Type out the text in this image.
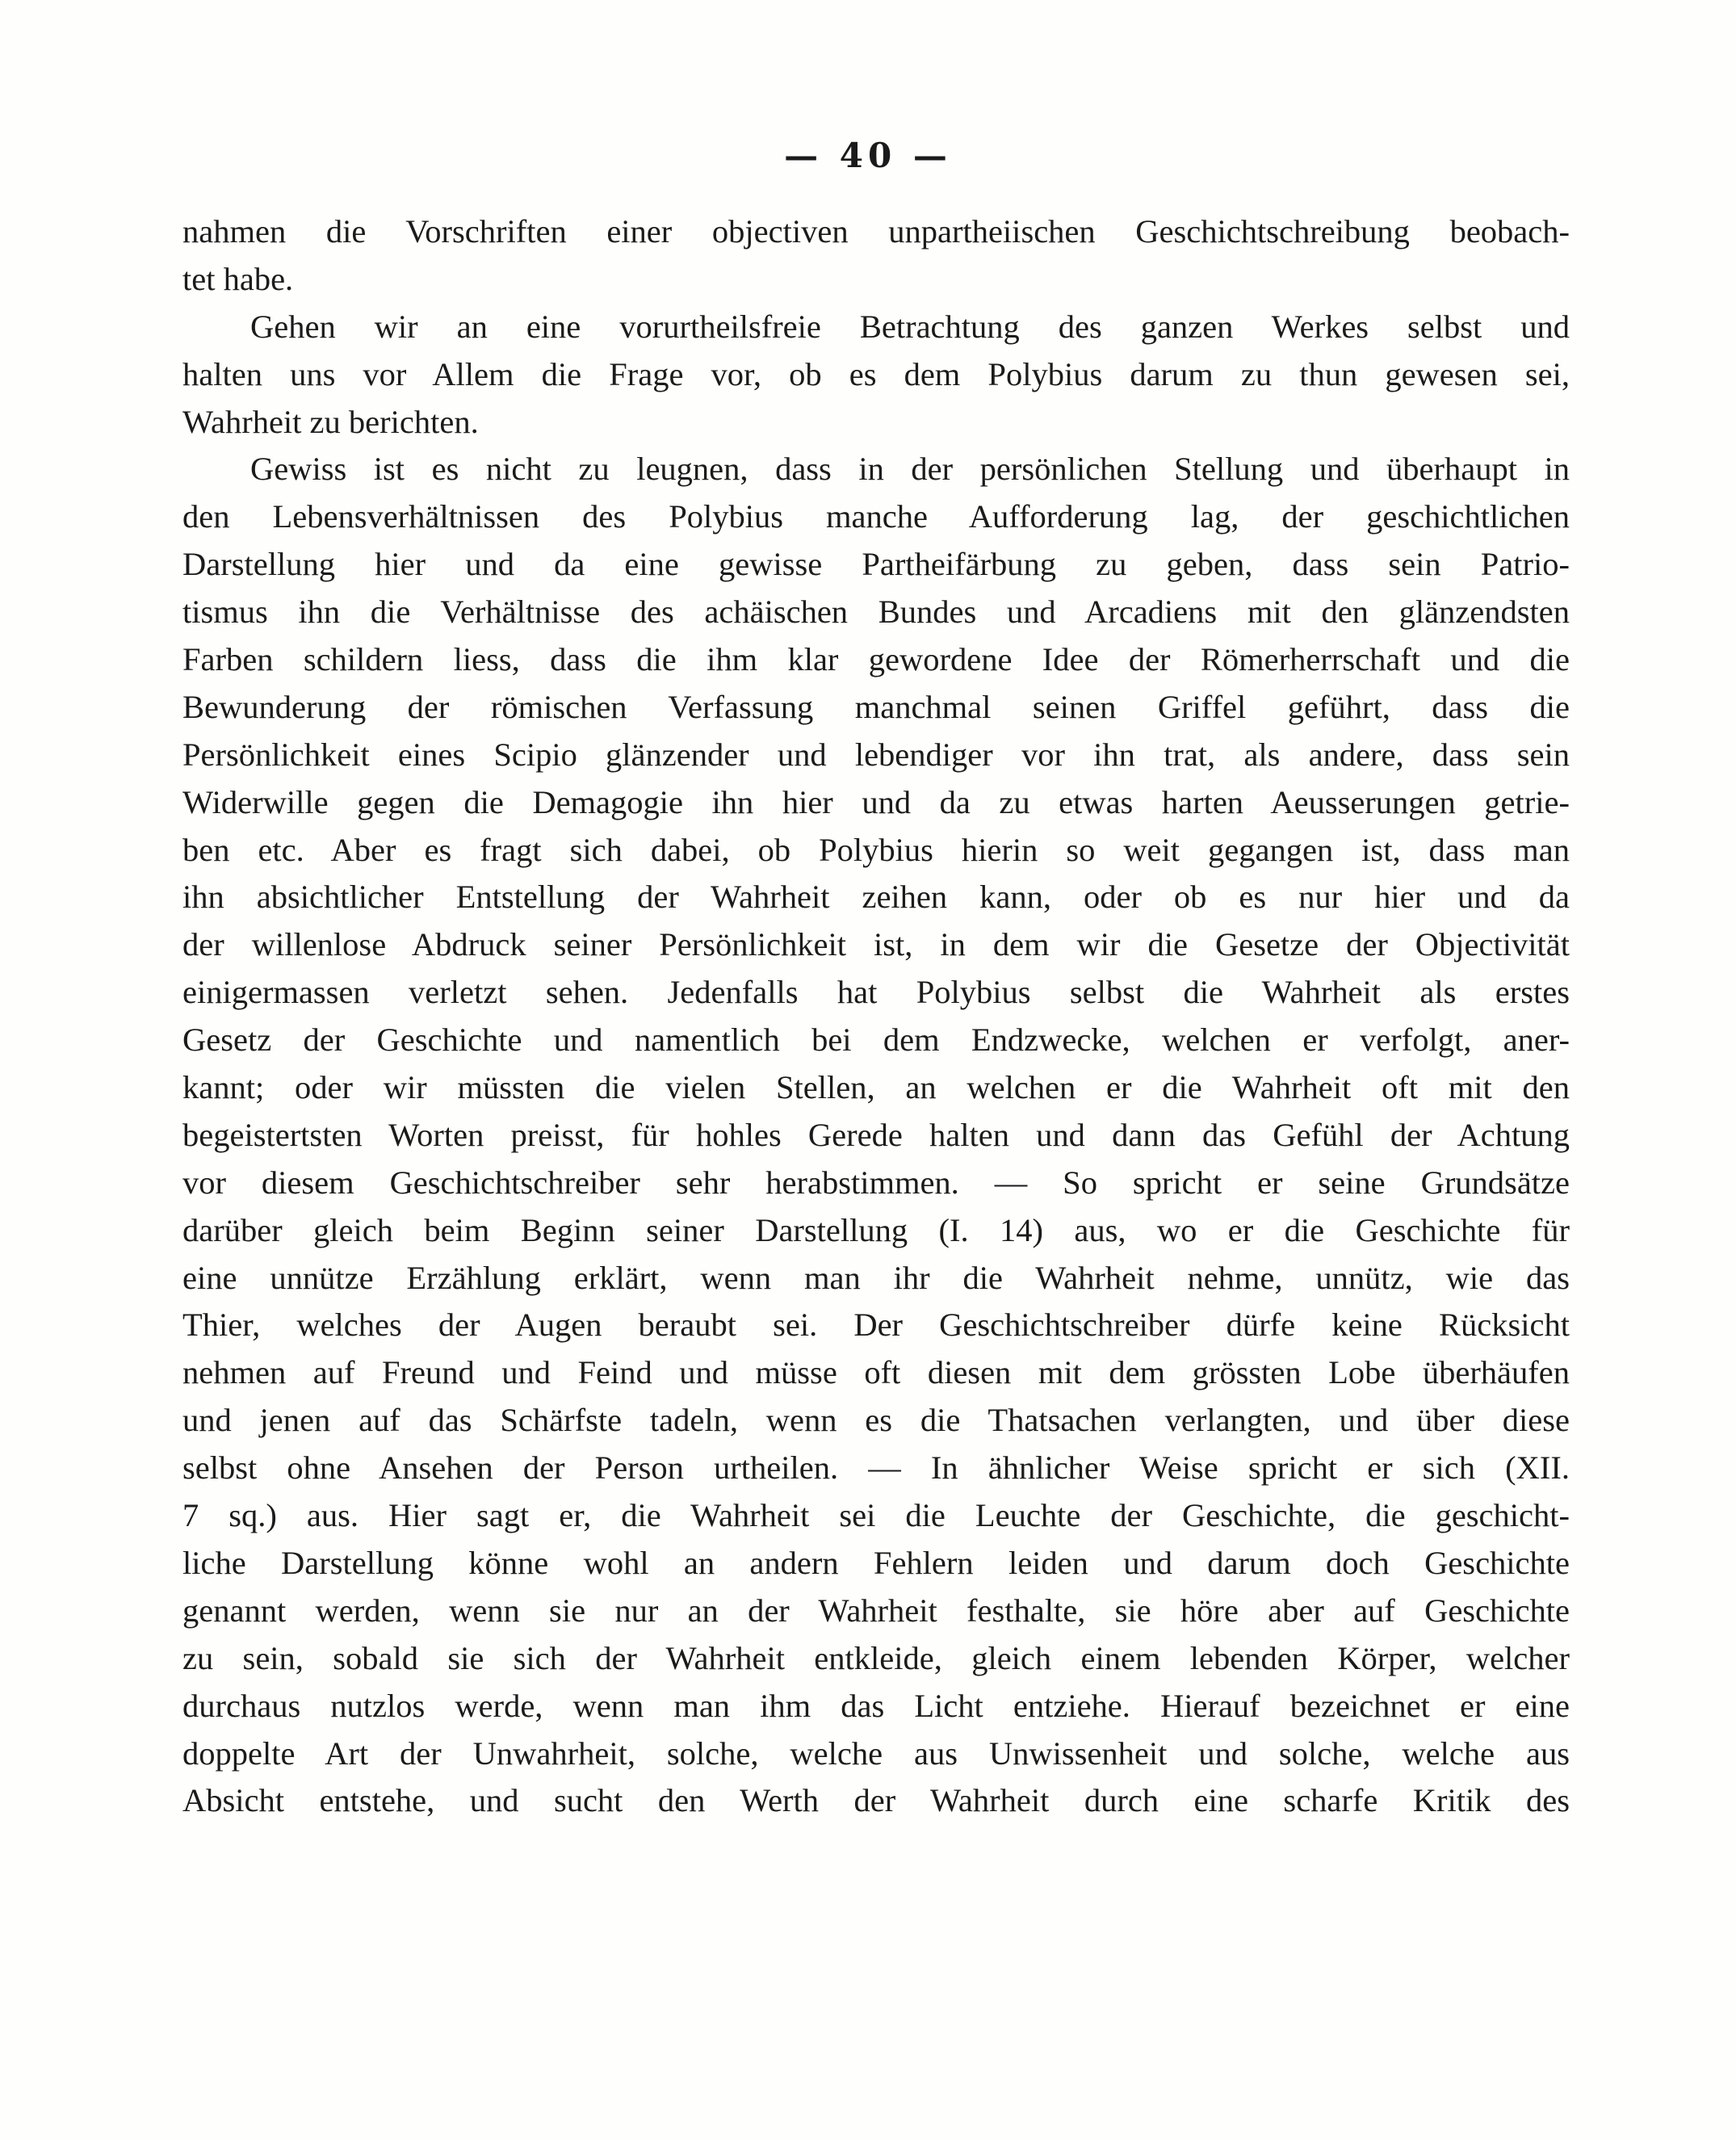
— 40 —
nahmen die Vorschriften einer objectiven unpartheiischen Geschichtschreibung beobach-
tet habe.
Gehen wir an eine vorurtheilsfreie Betrachtung des ganzen Werkes selbst und
halten uns vor Allem die Frage vor, ob es dem Polybius darum zu thun gewesen sei,
Wahrheit zu berichten.
Gewiss ist es nicht zu leugnen, dass in der persönlichen Stellung und überhaupt in
den Lebensverhältnissen des Polybius manche Aufforderung lag, der geschichtlichen
Darstellung hier und da eine gewisse Partheifärbung zu geben, dass sein Patrio-
tismus ihn die Verhältnisse des achäischen Bundes und Arcadiens mit den glänzendsten
Farben schildern liess, dass die ihm klar gewordene Idee der Römerherrschaft und die
Bewunderung der römischen Verfassung manchmal seinen Griffel geführt, dass die
Persönlichkeit eines Scipio glänzender und lebendiger vor ihn trat, als andere, dass sein
Widerwille gegen die Demagogie ihn hier und da zu etwas harten Aeusserungen getrie-
ben etc. Aber es fragt sich dabei, ob Polybius hierin so weit gegangen ist, dass man
ihn absichtlicher Entstellung der Wahrheit zeihen kann, oder ob es nur hier und da
der willenlose Abdruck seiner Persönlichkeit ist, in dem wir die Gesetze der Objectivität
einigermassen verletzt sehen. Jedenfalls hat Polybius selbst die Wahrheit als erstes
Gesetz der Geschichte und namentlich bei dem Endzwecke, welchen er verfolgt, aner-
kannt; oder wir müssten die vielen Stellen, an welchen er die Wahrheit oft mit den
begeistertsten Worten preisst, für hohles Gerede halten und dann das Gefühl der Achtung
vor diesem Geschichtschreiber sehr herabstimmen. — So spricht er seine Grundsätze
darüber gleich beim Beginn seiner Darstellung (I. 14) aus, wo er die Geschichte für
eine unnütze Erzählung erklärt, wenn man ihr die Wahrheit nehme, unnütz, wie das
Thier, welches der Augen beraubt sei. Der Geschichtschreiber dürfe keine Rücksicht
nehmen auf Freund und Feind und müsse oft diesen mit dem grössten Lobe überhäufen
und jenen auf das Schärfste tadeln, wenn es die Thatsachen verlangten, und über diese
selbst ohne Ansehen der Person urtheilen. — In ähnlicher Weise spricht er sich (XII.
7 sq.) aus. Hier sagt er, die Wahrheit sei die Leuchte der Geschichte, die geschicht-
liche Darstellung könne wohl an andern Fehlern leiden und darum doch Geschichte
genannt werden, wenn sie nur an der Wahrheit festhalte, sie höre aber auf Geschichte
zu sein, sobald sie sich der Wahrheit entkleide, gleich einem lebenden Körper, welcher
durchaus nutzlos werde, wenn man ihm das Licht entziehe. Hierauf bezeichnet er eine
doppelte Art der Unwahrheit, solche, welche aus Unwissenheit und solche, welche aus
Absicht entstehe, und sucht den Werth der Wahrheit durch eine scharfe Kritik des
